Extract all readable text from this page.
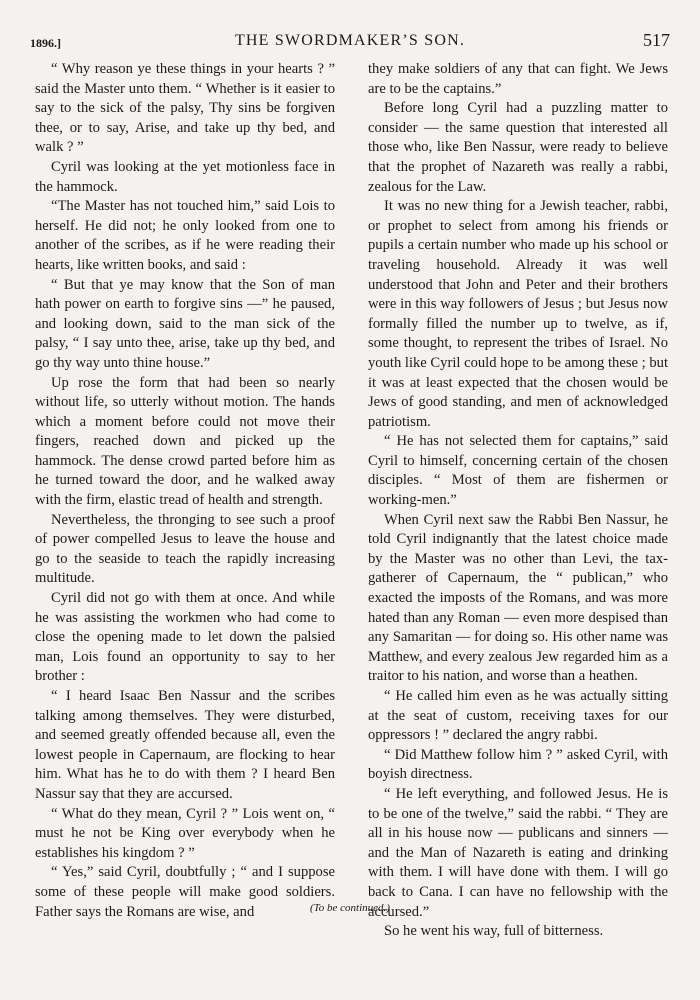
1896.]	THE SWORDMAKER’S SON.	517

“ Why reason ye these things in your hearts ? ” said the Master unto them. “ Whether is it easier to say to the sick of the palsy, Thy sins be forgiven thee, or to say, Arise, and take up thy bed, and walk ? ”

Cyril was looking at the yet motionless face in the hammock.

“The Master has not touched him,” said Lois to herself. He did not; he only looked from one to another of the scribes, as if he were reading their hearts, like written books, and said :

“ But that ye may know that the Son of man hath power on earth to forgive sins —” he paused, and looking down, said to the man sick of the palsy, “ I say unto thee, arise, take up thy bed, and go thy way unto thine house.”

Up rose the form that had been so nearly without life, so utterly without motion. The hands which a moment before could not move their fingers, reached down and picked up the hammock. The dense crowd parted before him as he turned toward the door, and he walked away with the firm, elastic tread of health and strength.

Nevertheless, the thronging to see such a proof of power compelled Jesus to leave the house and go to the seaside to teach the rapidly increasing multitude.

Cyril did not go with them at once. And while he was assisting the workmen who had come to close the opening made to let down the palsied man, Lois found an opportunity to say to her brother :

“ I heard Isaac Ben Nassur and the scribes talking among themselves. They were disturbed, and seemed greatly offended because all, even the lowest people in Capernaum, are flocking to hear him. What has he to do with them ? I heard Ben Nassur say that they are accursed.

“ What do they mean, Cyril ? ” Lois went on, “ must he not be King over everybody when he establishes his kingdom ? ”

“ Yes,” said Cyril, doubtfully ; “ and I suppose some of these people will make good soldiers. Father says the Romans are wise, and

they make soldiers of any that can fight. We Jews are to be the captains.”

Before long Cyril had a puzzling matter to consider — the same question that interested all those who, like Ben Nassur, were ready to believe that the prophet of Nazareth was really a rabbi, zealous for the Law.

It was no new thing for a Jewish teacher, rabbi, or prophet to select from among his friends or pupils a certain number who made up his school or traveling household. Already it was well understood that John and Peter and their brothers were in this way followers of Jesus ; but Jesus now formally filled the number up to twelve, as if, some thought, to represent the tribes of Israel. No youth like Cyril could hope to be among these ; but it was at least expected that the chosen would be Jews of good standing, and men of acknowledged patriotism.

“ He has not selected them for captains,” said Cyril to himself, concerning certain of the chosen disciples. “ Most of them are fishermen or working-men.”

When Cyril next saw the Rabbi Ben Nassur, he told Cyril indignantly that the latest choice made by the Master was no other than Levi, the tax-gatherer of Capernaum, the “ publican,” who exacted the imposts of the Romans, and was more hated than any Roman — even more despised than any Samaritan — for doing so. His other name was Matthew, and every zealous Jew regarded him as a traitor to his nation, and worse than a heathen.

“ He called him even as he was actually sitting at the seat of custom, receiving taxes for our oppressors ! ” declared the angry rabbi.

“ Did Matthew follow him ? ” asked Cyril, with boyish directness.

“ He left everything, and followed Jesus. He is to be one of the twelve,” said the rabbi. “ They are all in his house now — publicans and sinners — and the Man of Nazareth is eating and drinking with them. I will have done with them. I will go back to Cana. I can have no fellowship with the accursed.”

So he went his way, full of bitterness.

(To be continued.)
